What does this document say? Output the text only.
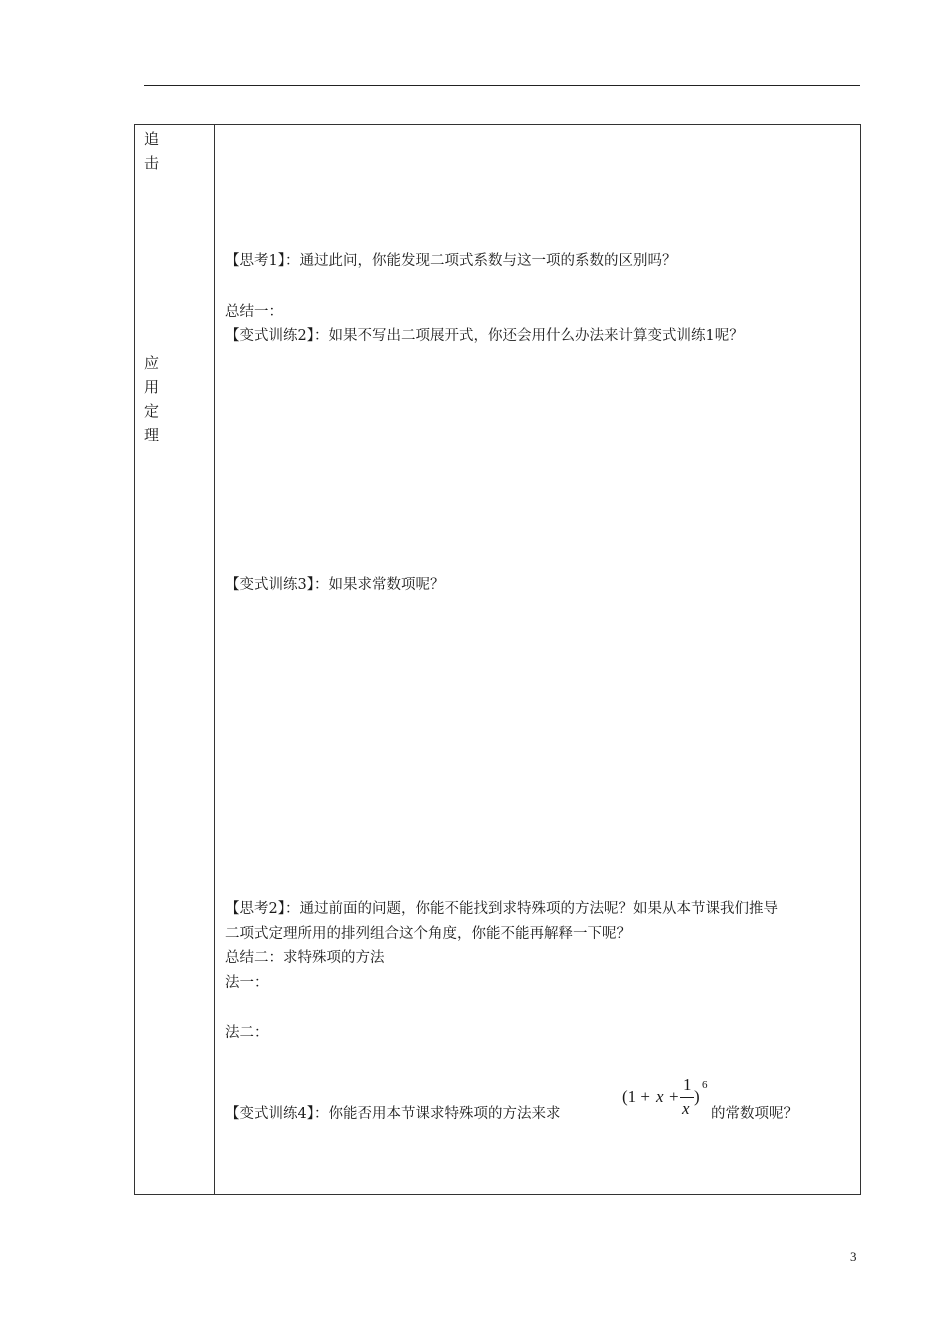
追
击
应
用
定
理
【思考1】：通过此问，你能发现二项式系数与这一项的系数的区别吗？
总结一：
【变式训练2】：如果不写出二项展开式，你还会用什么办法来计算变式训练1呢？
【变式训练3】：如果求常数项呢？
【思考2】：通过前面的问题，你能不能找到求特殊项的方法呢？如果从本节课我们推导
二项式定理所用的排列组合这个角度，你能不能再解释一下呢？
总结二：求特殊项的方法
法一：
法二：
【变式训练4】：你能否用本节课求特殊项的方法来求
(1 + x +
1
x
)
6
的常数项呢？
3
